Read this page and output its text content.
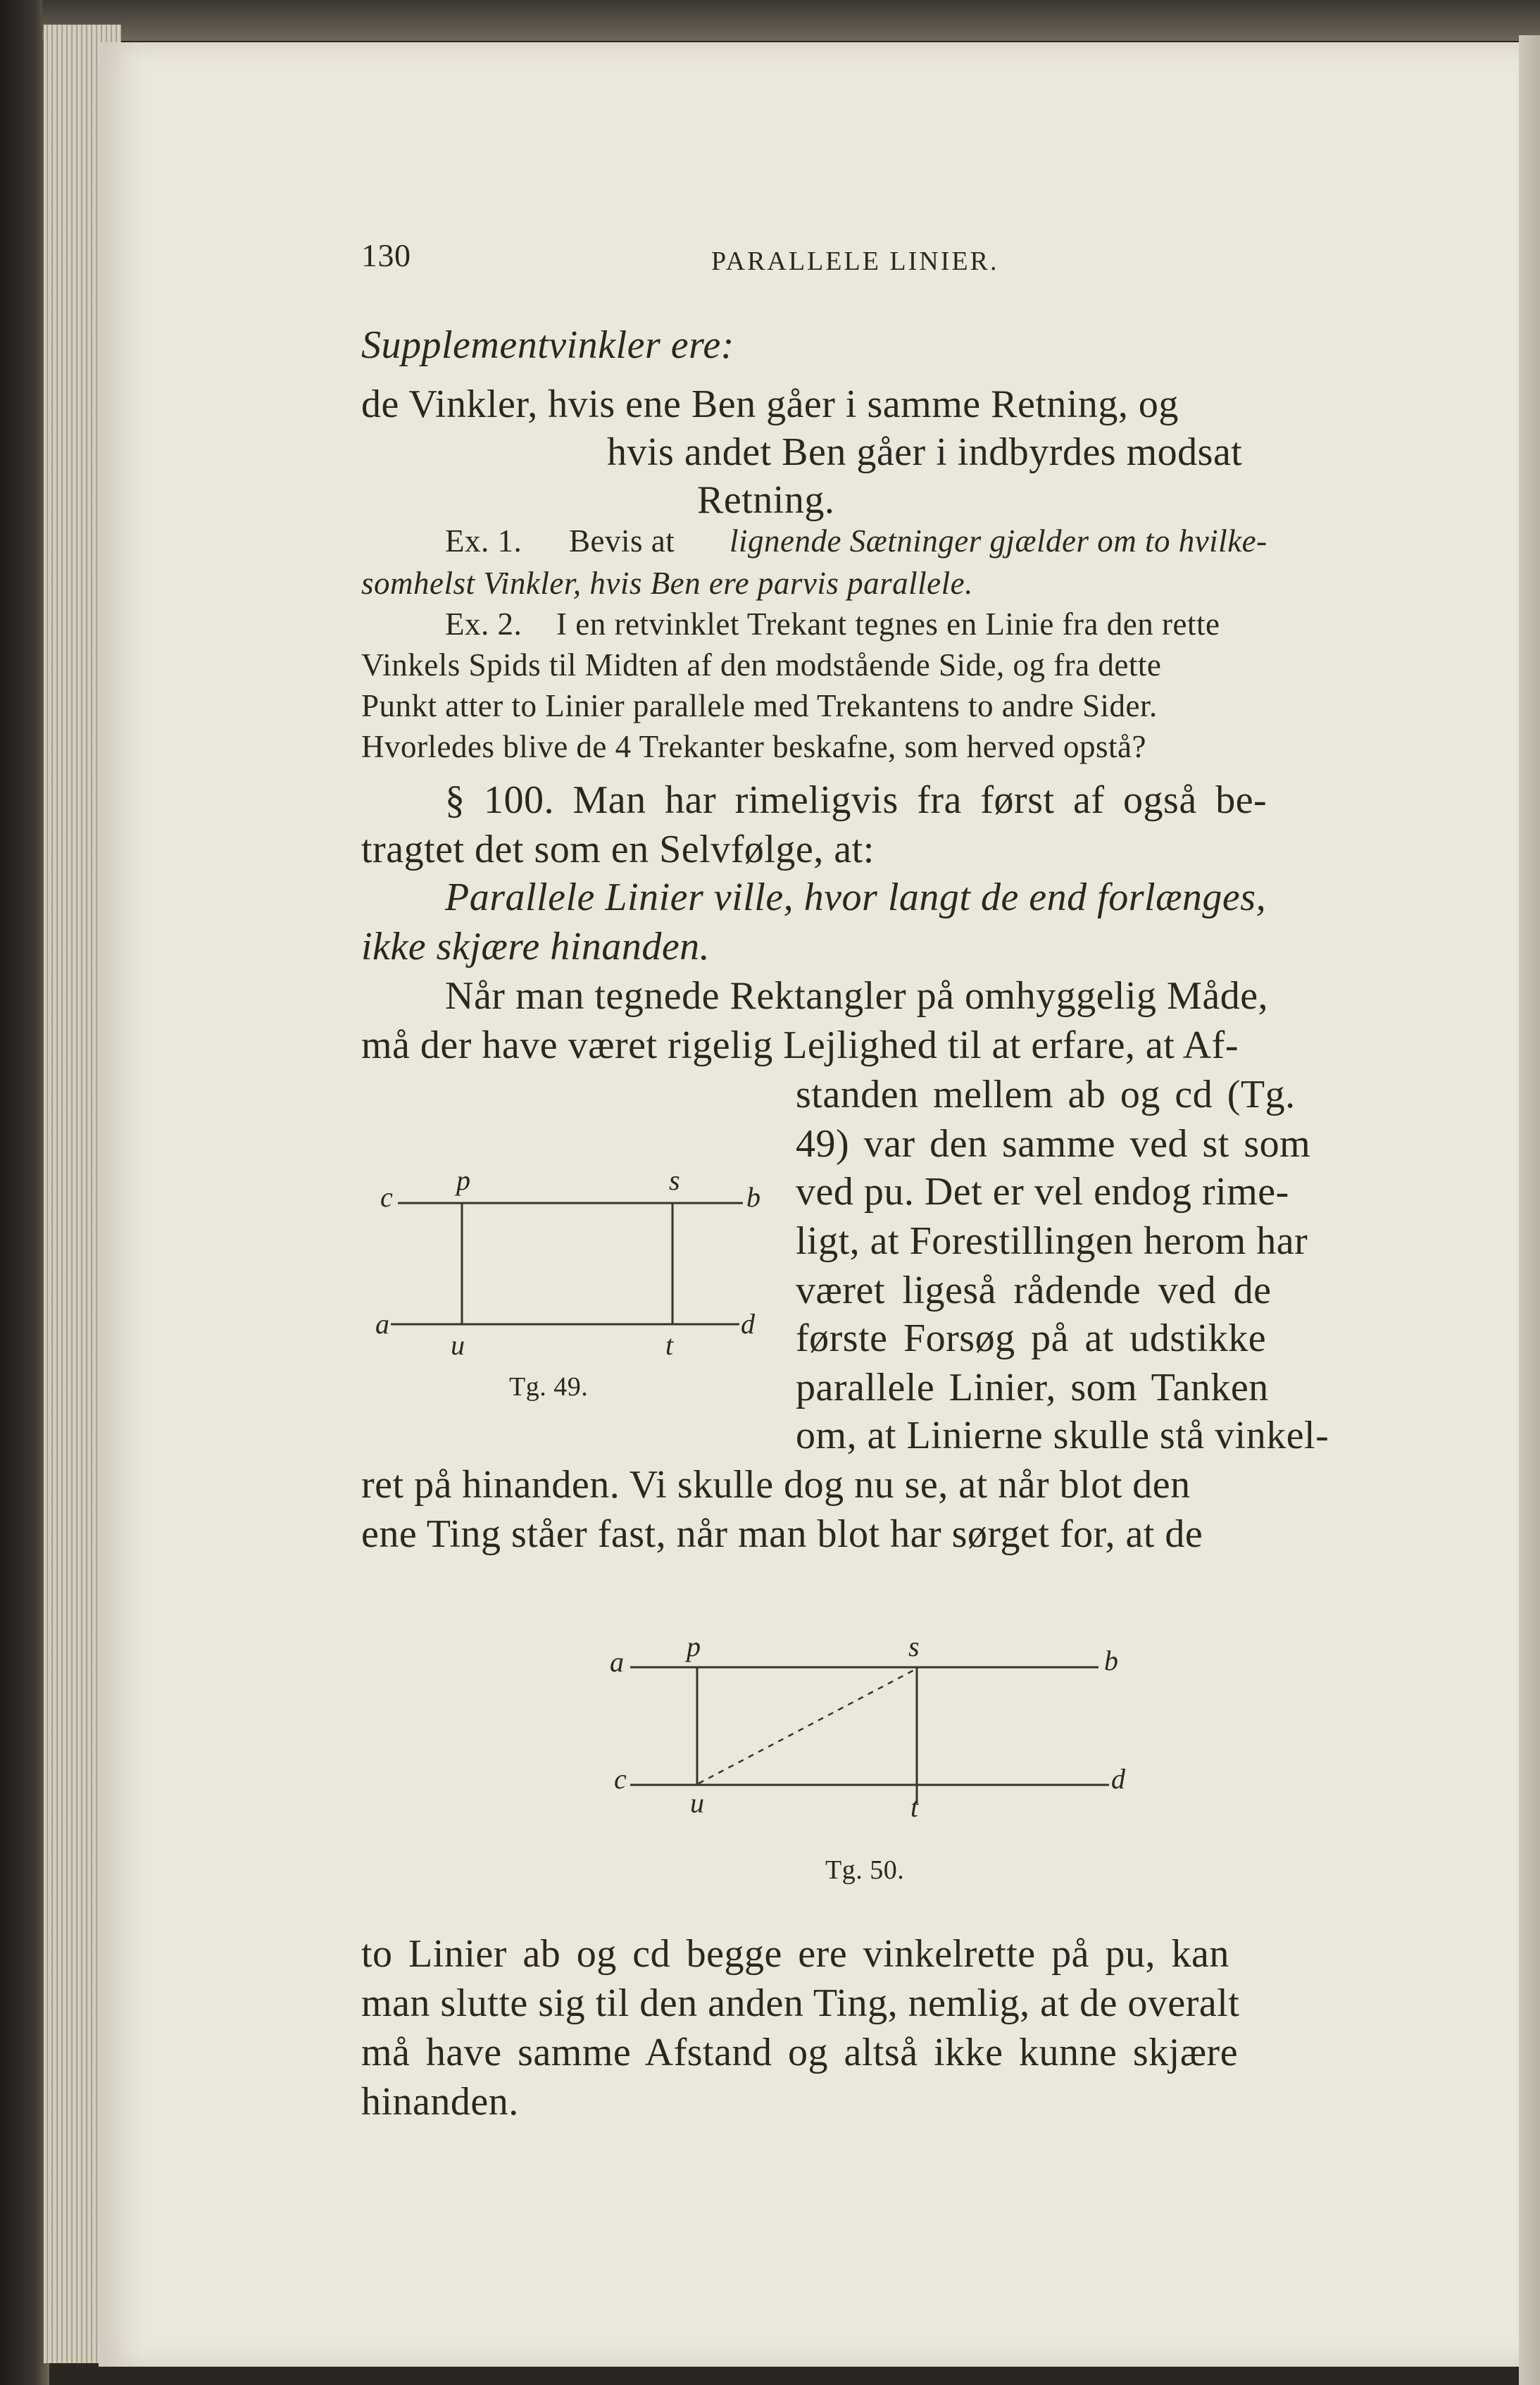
130	PARALLELE LINIER.
Supplementvinkler ere:
de Vinkler, hvis ene Ben gåer i samme Retning, og
hvis andet Ben gåer i indbyrdes modsat
Retning.
Ex. 1. Bevis at lignende Sætninger gjælder om to hvilke-
somhelst Vinkler, hvis Ben ere parvis parallele.
Ex. 2. I en retvinklet Trekant tegnes en Linie fra den rette
Vinkels Spids til Midten af den modstående Side, og fra dette
Punkt atter to Linier parallele med Trekantens to andre Sider.
Hvorledes blive de 4 Trekanter beskafne, som herved opstå?
§ 100. Man har rimeligvis fra først af også be-
tragtet det som en Selvfølge, at:
Parallele Linier ville, hvor langt de end forlænges,
ikke skjære hinanden.
Når man tegnede Rektangler på omhyggelig Måde,
må der have været rigelig Lejlighed til at erfare, at Af-
standen mellem ab og cd (Tg.
49) var den samme ved st som
ved pu. Det er vel endog rime-
ligt, at Forestillingen herom har
været ligeså rådende ved de
første Forsøg på at udstikke
parallele Linier, som Tanken
om, at Linierne skulle stå vinkel-
ret på hinanden. Vi skulle dog nu se, at når blot den
ene Ting ståer fast, når man blot har sørget for, at de
c
p	s
b
a
u	t
d
Tg. 49.
a p	s	b
c
u	t
d
Tg. 50.
to Linier ab og cd begge ere vinkelrette på pu, kan
man slutte sig til den anden Ting, nemlig, at de overalt
må have samme Afstand og altså ikke kunne skjære
hinanden.
